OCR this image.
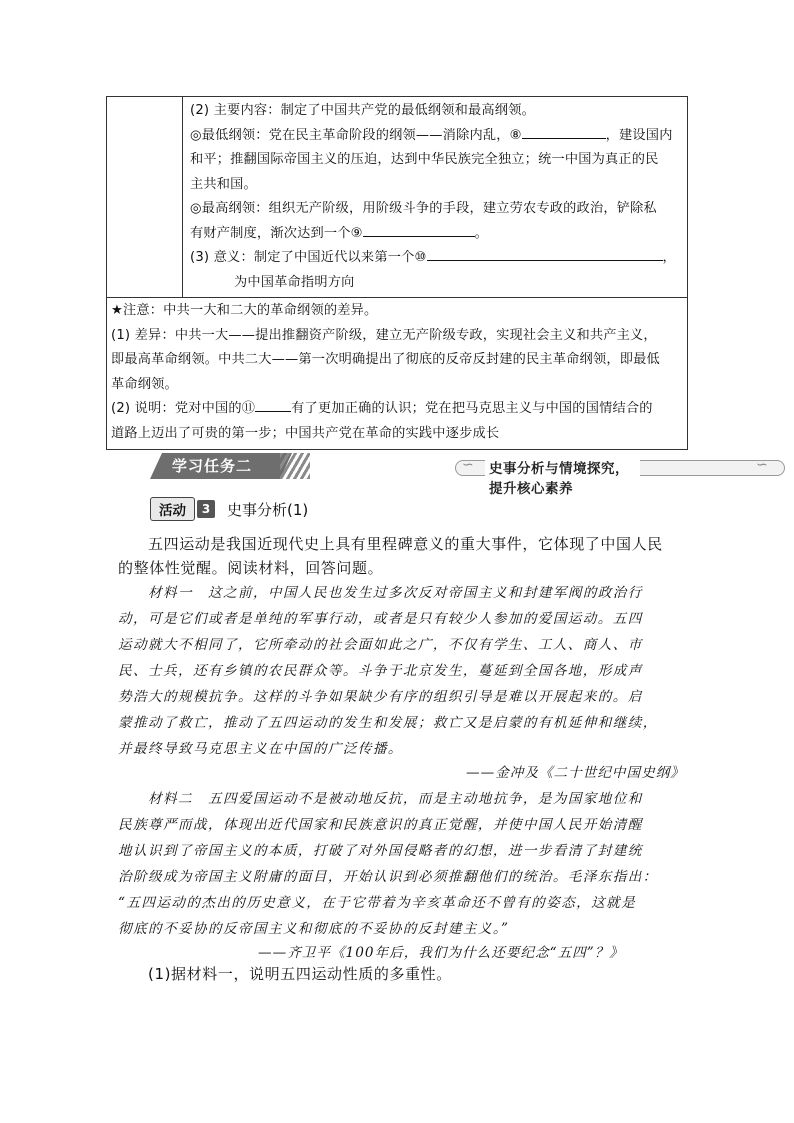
(2) 主要内容：制定了中国共产党的最低纲领和最高纲领。
◎最低纲领：党在民主革命阶段的纲领——消除内乱，⑧	，建设国内
和平；推翻国际帝国主义的压迫，达到中华民族完全独立；统一中国为真正的民
主共和国。
◎最高纲领：组织无产阶级，用阶级斗争的手段，建立劳农专政的政治，铲除私
有财产制度，渐次达到一个⑨	。
(3) 意义：制定了中国近代以来第一个⑩	，
为中国革命指明方向
★注意：中共一大和二大的革命纲领的差异。
(1) 差异：中共一大——提出推翻资产阶级，建立无产阶级专政，实现社会主义和共产主义，
即最高革命纲领。中共二大——第一次明确提出了彻底的反帝反封建的民主革命纲领，即最低
革命纲领。
(2) 说明：党对中国的⑪	有了更加正确的认识；党在把马克思主义与中国的国情结合的
道路上迈出了可贵的第一步；中国共产党在革命的实践中逐步成长
学习任务二	∽ 史事分析与情境探究，提升核心素养
∽
活动 3 史事分析(1)
五四运动是我国近现代史上具有里程碑意义的重大事件，它体现了中国人民
的整体性觉醒。阅读材料，回答问题。
材料一　这之前，中国人民也发生过多次反对帝国主义和封建军阀的政治行
动，可是它们或者是单纯的军事行动，或者是只有较少人参加的爱国运动。五四
运动就大不相同了，它所牵动的社会面如此之广，不仅有学生、工人、商人、市
民、士兵，还有乡镇的农民群众等。斗争于北京发生，蔓延到全国各地，形成声
势浩大的规模抗争。这样的斗争如果缺少有序的组织引导是难以开展起来的。启
蒙推动了救亡，推动了五四运动的发生和发展；救亡又是启蒙的有机延伸和继续，
并最终导致马克思主义在中国的广泛传播。
——金冲及《二十世纪中国史纲》
材料二　五四爱国运动不是被动地反抗，而是主动地抗争，是为国家地位和
民族尊严而战，体现出近代国家和民族意识的真正觉醒，并使中国人民开始清醒
地认识到了帝国主义的本质，打破了对外国侵略者的幻想，进一步看清了封建统
治阶级成为帝国主义附庸的面目，开始认识到必须推翻他们的统治。毛泽东指出：
“五四运动的杰出的历史意义，在于它带着为辛亥革命还不曾有的姿态，这就是
彻底的不妥协的反帝国主义和彻底的不妥协的反封建主义。”
——齐卫平《100年后，我们为什么还要纪念“五四”？》
(1)据材料一，说明五四运动性质的多重性。
